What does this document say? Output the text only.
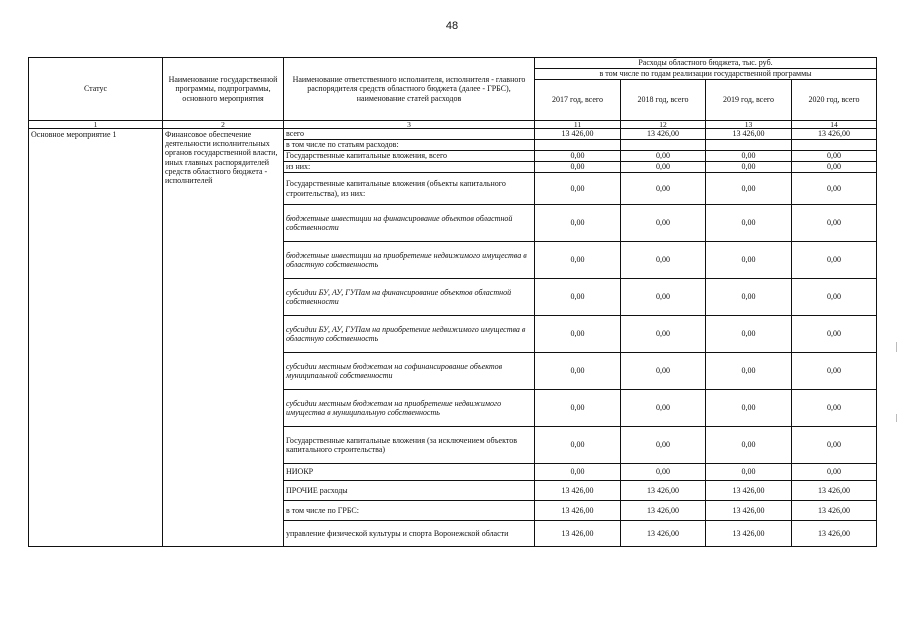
48
Статус	Наименование государственной программы, подпрограммы, основного мероприятия	Наименование ответственного исполнителя, исполнителя - главного распорядителя средств областного бюджета (далее - ГРБС), наименование статей расходов	Расходы областного бюджета, тыс. руб.			
			в том числе по годам реализации государственной программы			
			2017 год, всего	2018 год, всего	2019 год, всего	2020 год, всего
1	2	3	11	12	13	14
Основное мероприятие 1	Финансовое обеспечение деятельности исполнительных органов государственной власти, иных главных распорядителей средств областного бюджета - исполнителей	всего	13 426,00	13 426,00	13 426,00	13 426,00
		в том числе по статьям расходов:				
		Государственные капитальные вложения, всего	0,00	0,00	0,00	0,00
		из них:	0,00	0,00	0,00	0,00
		Государственные капитальные вложения (объекты капитального строительства), из них:	0,00	0,00	0,00	0,00
		бюджетные инвестиции на финансирование объектов областной собственности	0,00	0,00	0,00	0,00
		бюджетные инвестиции на приобретение недвижимого имущества в областную собственность	0,00	0,00	0,00	0,00
		субсидии БУ, АУ, ГУПам на финансирование объектов областной собственности	0,00	0,00	0,00	0,00
		субсидии БУ, АУ, ГУПам на приобретение недвижимого имущества в областную собственность	0,00	0,00	0,00	0,00
		субсидии местным бюджетам на софинансирование объектов муниципальной собственности	0,00	0,00	0,00	0,00
		субсидии местным бюджетам на приобретение недвижимого имущества в муниципальную собственность	0,00	0,00	0,00	0,00
		Государственные капитальные вложения (за исключением объектов капитального строительства)	0,00	0,00	0,00	0,00
		НИОКР	0,00	0,00	0,00	0,00
		ПРОЧИЕ расходы	13 426,00	13 426,00	13 426,00	13 426,00
		в том числе по ГРБС:	13 426,00	13 426,00	13 426,00	13 426,00
		управление физической культуры и спорта Воронежской области	13 426,00	13 426,00	13 426,00	13 426,00
